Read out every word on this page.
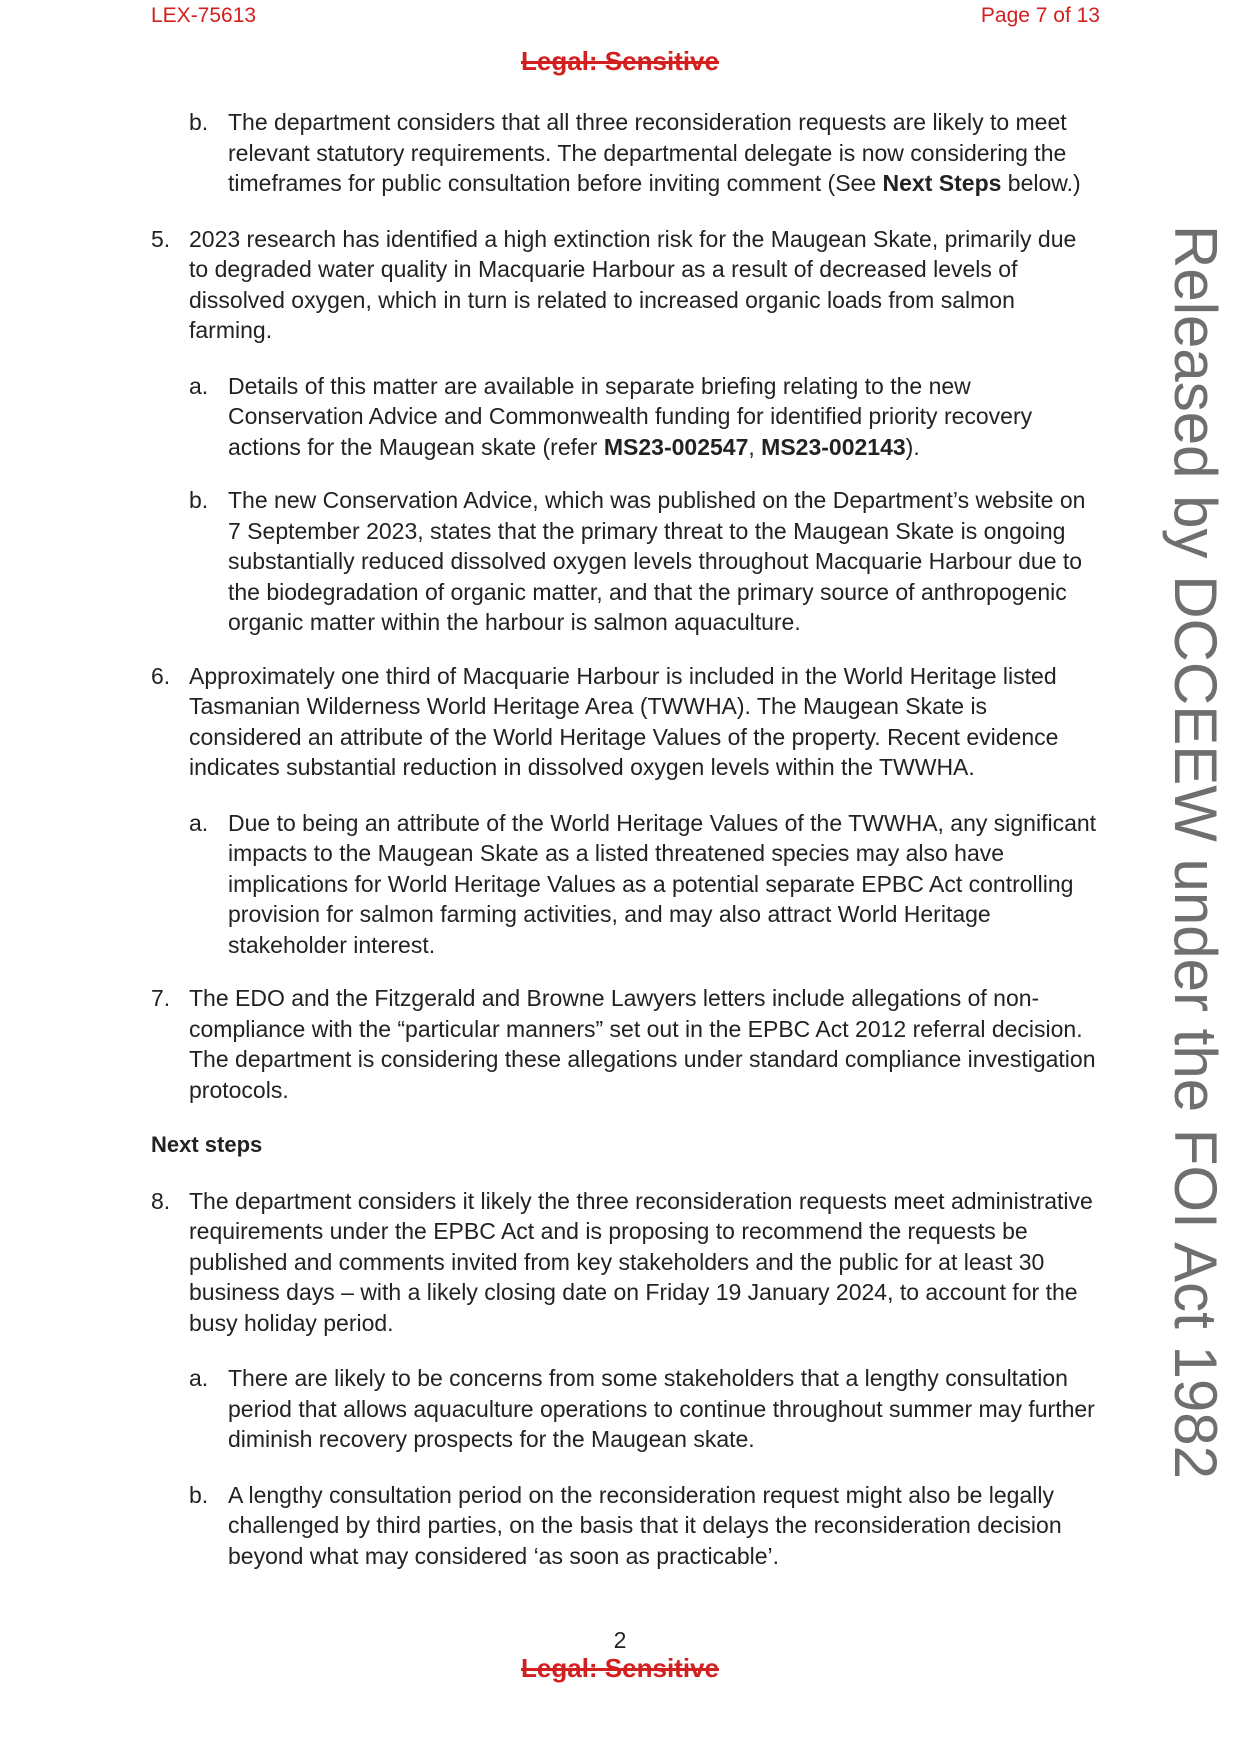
LEX-75613	Page 7 of 13
Legal: Sensitive
Released by DCCEEW under the FOI Act 1982

b. The department considers that all three reconsideration requests are likely to meet relevant statutory requirements. The departmental delegate is now considering the timeframes for public consultation before inviting comment (See Next Steps below.)

5. 2023 research has identified a high extinction risk for the Maugean Skate, primarily due to degraded water quality in Macquarie Harbour as a result of decreased levels of dissolved oxygen, which in turn is related to increased organic loads from salmon farming.

a. Details of this matter are available in separate briefing relating to the new Conservation Advice and Commonwealth funding for identified priority recovery actions for the Maugean skate (refer MS23-002547, MS23-002143).

b. The new Conservation Advice, which was published on the Department’s website on 7 September 2023, states that the primary threat to the Maugean Skate is ongoing substantially reduced dissolved oxygen levels throughout Macquarie Harbour due to the biodegradation of organic matter, and that the primary source of anthropogenic organic matter within the harbour is salmon aquaculture.

6. Approximately one third of Macquarie Harbour is included in the World Heritage listed Tasmanian Wilderness World Heritage Area (TWWHA). The Maugean Skate is considered an attribute of the World Heritage Values of the property. Recent evidence indicates substantial reduction in dissolved oxygen levels within the TWWHA.

a. Due to being an attribute of the World Heritage Values of the TWWHA, any significant impacts to the Maugean Skate as a listed threatened species may also have implications for World Heritage Values as a potential separate EPBC Act controlling provision for salmon farming activities, and may also attract World Heritage stakeholder interest.

7. The EDO and the Fitzgerald and Browne Lawyers letters include allegations of non-compliance with the “particular manners” set out in the EPBC Act 2012 referral decision. The department is considering these allegations under standard compliance investigation protocols.

Next steps

8. The department considers it likely the three reconsideration requests meet administrative requirements under the EPBC Act and is proposing to recommend the requests be published and comments invited from key stakeholders and the public for at least 30 business days – with a likely closing date on Friday 19 January 2024, to account for the busy holiday period.

a. There are likely to be concerns from some stakeholders that a lengthy consultation period that allows aquaculture operations to continue throughout summer may further diminish recovery prospects for the Maugean skate.

b. A lengthy consultation period on the reconsideration request might also be legally challenged by third parties, on the basis that it delays the reconsideration decision beyond what may considered ‘as soon as practicable’.

2
Legal: Sensitive
